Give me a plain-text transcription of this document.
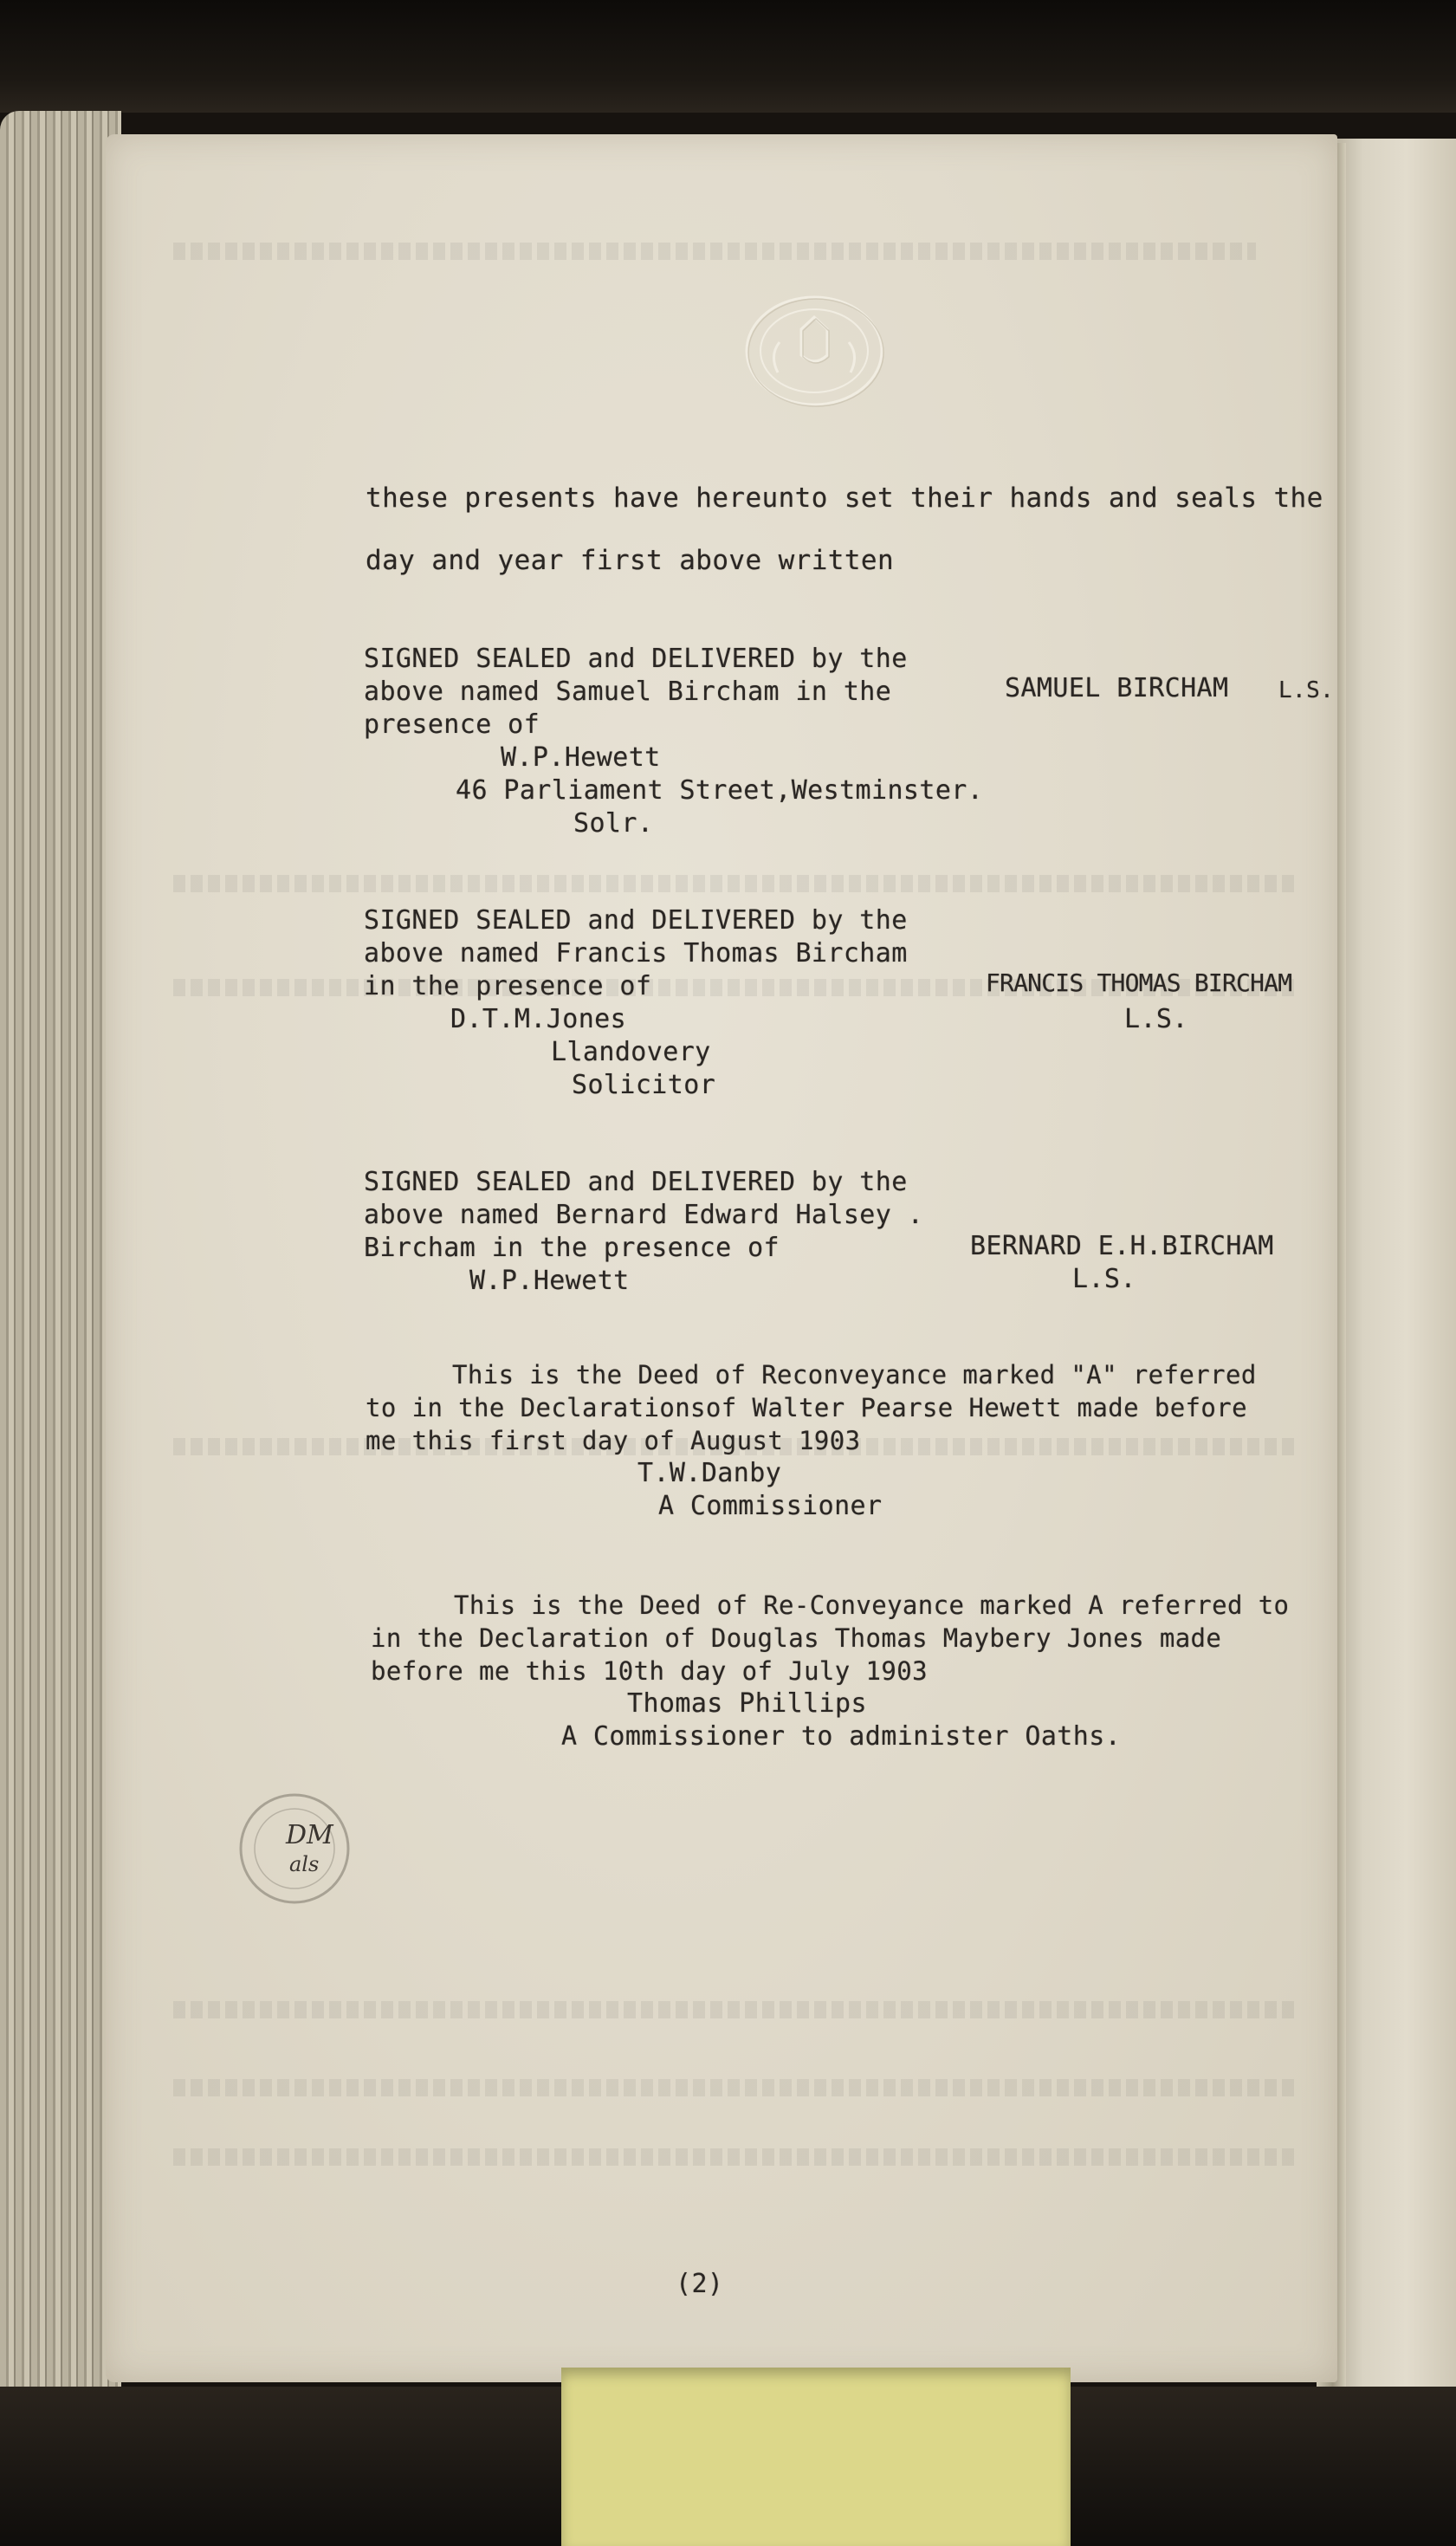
these presents have hereunto set their hands and seals the
day and year first above written
SIGNED SEALED and DELIVERED by the
above named Samuel Bircham in the
presence of
W.P.Hewett
46 Parliament Street,Westminster.
Solr.
SAMUEL BIRCHAM L.S.
SIGNED SEALED and DELIVERED by the
above named Francis Thomas Bircham
in the presence of
D.T.M.Jones
Llandovery
Solicitor
FRANCIS THOMAS BIRCHAM
L.S.
SIGNED SEALED and DELIVERED by the
above named Bernard Edward Halsey .
Bircham in the presence of
W.P.Hewett
BERNARD E.H.BIRCHAM
L.S.
This is the Deed of Reconveyance marked "A" referred
to in the Declarationsof Walter Pearse Hewett made before
me this first day of August 1903
T.W.Danby
A Commissioner
This is the Deed of Re-Conveyance marked A referred to
in the Declaration of Douglas Thomas Maybery Jones made
before me this 10th day of July 1903
Thomas Phillips
A Commissioner to administer Oaths.
DM
als
(2)
